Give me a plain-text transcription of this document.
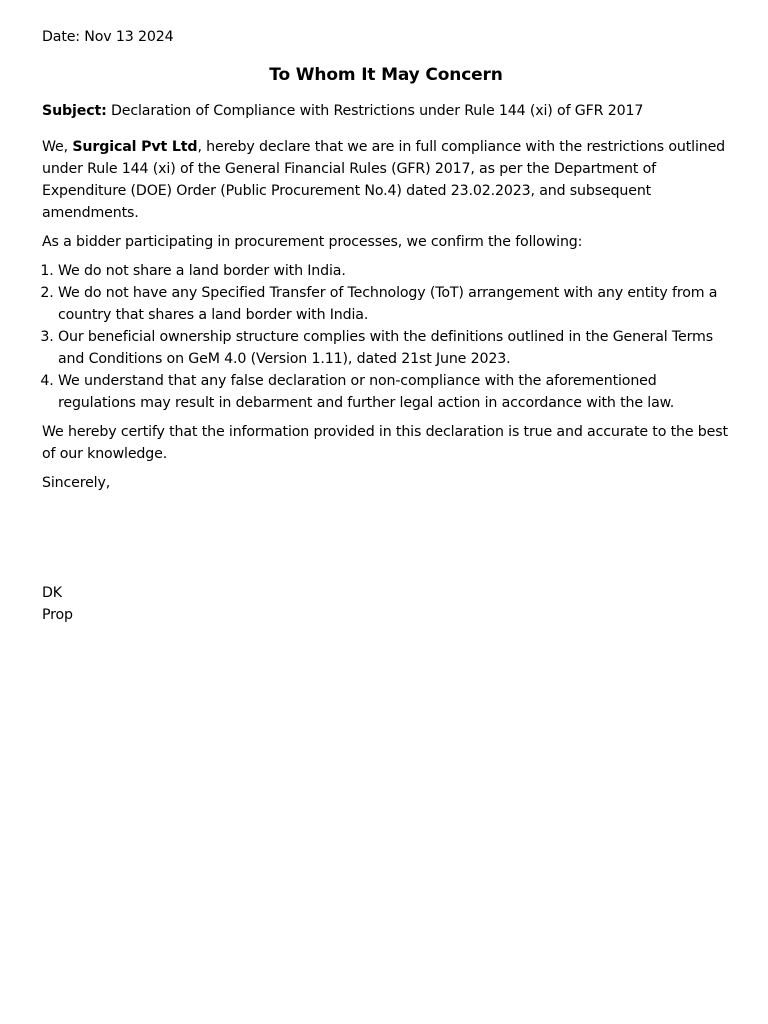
Date: Nov 13 2024

To Whom It May Concern

Subject: Declaration of Compliance with Restrictions under Rule 144 (xi) of GFR 2017

We, Surgical Pvt Ltd, hereby declare that we are in full compliance with the restrictions outlined under Rule 144 (xi) of the General Financial Rules (GFR) 2017, as per the Department of Expenditure (DOE) Order (Public Procurement No.4) dated 23.02.2023, and subsequent amendments.

As a bidder participating in procurement processes, we confirm the following:

1. We do not share a land border with India.
2. We do not have any Specified Transfer of Technology (ToT) arrangement with any entity from a country that shares a land border with India.
3. Our beneficial ownership structure complies with the definitions outlined in the General Terms and Conditions on GeM 4.0 (Version 1.11), dated 21st June 2023.
4. We understand that any false declaration or non-compliance with the aforementioned regulations may result in debarment and further legal action in accordance with the law.

We hereby certify that the information provided in this declaration is true and accurate to the best of our knowledge.

Sincerely,

DK
Prop
